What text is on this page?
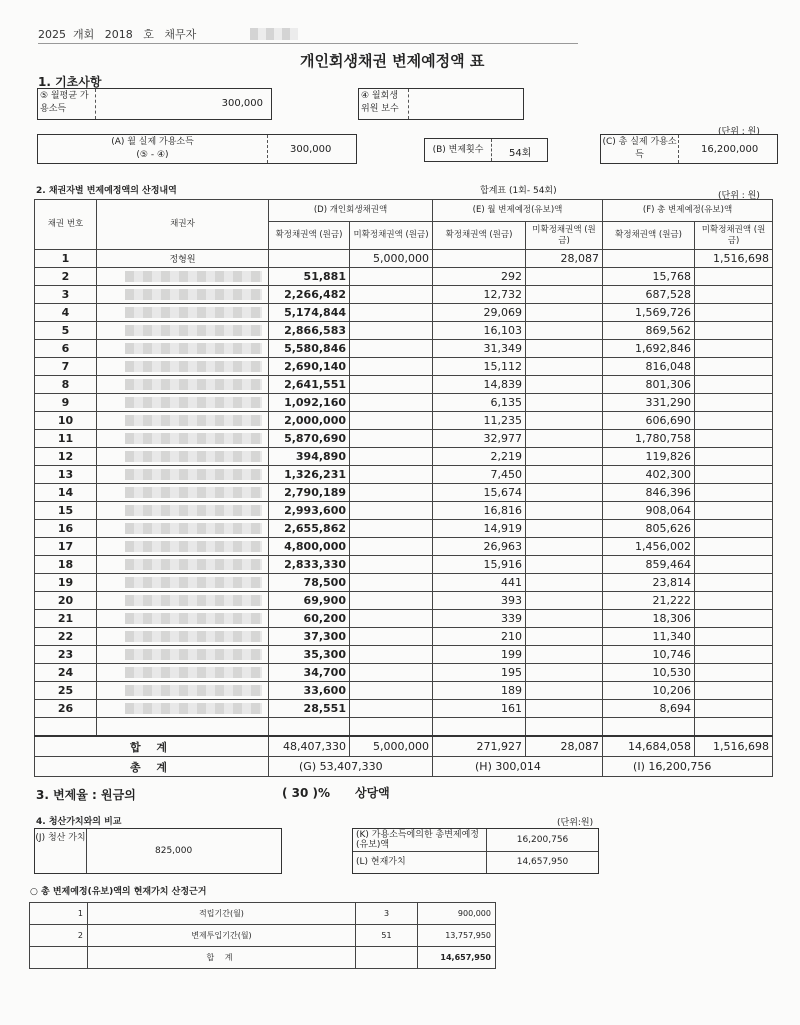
2025 개회 2018 호 채무자
개인회생채권 변제예정액 표
1. 기초사항
⑤ 월평균 가용소득	300,000
④ 월회생위원 보수
(단위 : 원)
(A) 월 실제 가용소득
(⑤ - ④)	300,000	(B) 변제횟수	54회
(C) 총 실제 가용소득	16,200,000
2. 채권자별 변제예정액의 산정내역	합계표 (1회- 54회)	(단위 : 원)
채권 번호	채권자	(D) 개인회생채권액		(E) 월 변제예정(유보)액		(F) 총 변제예정(유보)액	
		확정채권액 (원금)	미확정채권액 (원금)	확정채권액 (원금)	미확정채권액 (원금)	확정채권액 (원금)	미확정채권액 (원금)
1	정형원		5,000,000		28,087		1,516,698
2		51,881		292		15,768	
3		2,266,482		12,732		687,528	
4		5,174,844		29,069		1,569,726	
5		2,866,583		16,103		869,562	
6		5,580,846		31,349		1,692,846	
7		2,690,140		15,112		816,048	
8		2,641,551		14,839		801,306	
9		1,092,160		6,135		331,290	
10		2,000,000		11,235		606,690	
11		5,870,690		32,977		1,780,758	
12		394,890		2,219		119,826	
13		1,326,231		7,450		402,300	
14		2,790,189		15,674		846,396	
15		2,993,600		16,816		908,064	
16		2,655,862		14,919		805,626	
17		4,800,000		26,963		1,456,002	
18		2,833,330		15,916		859,464	
19		78,500		441		23,814	
20		69,900		393		21,222	
21		60,200		339		18,306	
22		37,300		210		11,340	
23		35,300		199		10,746	
24		34,700		195		10,530	
25		33,600		189		10,206	
26		28,551		161		8,694	

합 계		48,407,330	5,000,000	271,927	28,087	14,684,058	1,516,698
총 계		(G) 53,407,330		(H) 300,014		(I) 16,200,756	
3. 변제율 : 원금의	( 30 )% 상당액
4. 청산가치와의 비교	(단위:원)
(J) 청산 가치
825,000
(K) 가용소득에의한 총변제예정(유보)액	16,200,756
(L) 현재가치	14,657,950
○ 총 변제예정(유보)액의 현재가치 산정근거
1	적립기간(월)	3	900,000
2	변제투입기간(월)	51	13,757,950
	합 계		14,657,950
